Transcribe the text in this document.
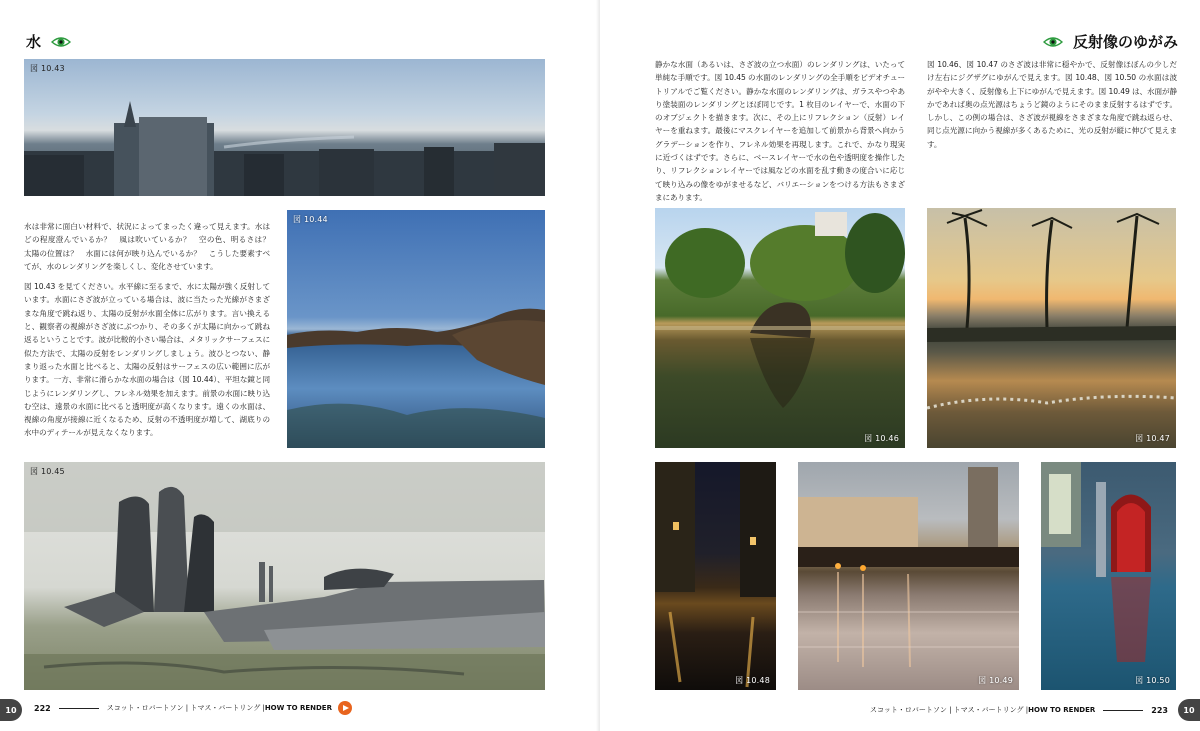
水
図 10.43

水は非常に面白い材料で、状況によってまったく違って見えます。水はどの程度澄んでいるか？　風は吹いているか？　空の色、明るさは？　太陽の位置は？　水面には何が映り込んでいるか？　こうした要素すべてが、水のレンダリングを楽しくし、変化させています。

図 10.43 を見てください。水平線に至るまで、水に太陽が強く反射しています。水面にさざ波が立っている場合は、波に当たった光線がさまざまな角度で跳ね返り、太陽の反射が水面全体に広がります。言い換えると、観察者の視線がさざ波にぶつかり、その多くが太陽に向かって跳ね返るということです。波が比較的小さい場合は、メタリックサーフェスに似た方法で、太陽の反射をレンダリングしましょう。波ひとつない、静まり返った水面と比べると、太陽の反射はサーフェスの広い範囲に広がります。一方、非常に滑らかな水面の場合は（図 10.44）、平坦な鏡と同じようにレンダリングし、フレネル効果を加えます。前景の水面に映り込む空は、遠景の水面に比べると透明度が高くなります。遠くの水面は、視線の角度が接線に近くなるため、反射の不透明度が増して、湖底りの水中のディテールが見えなくなります。

図 10.44
図 10.45
10	222	スコット・ロバートソン | トマス・バートリング | HOW TO RENDER
反射像のゆがみ
静かな水面（あるいは、さざ波の立つ水面）のレンダリングは、いたって単純な手順です。図 10.45 の水面のレンダリングの全手順をビデオチュートリアルでご覧ください。静かな水面のレンダリングは、ガラスやつやあり塗装面のレンダリングとほぼ同じです。1 枚目のレイヤーで、水面の下のオブジェクトを描きます。次に、その上にリフレクション（反射）レイヤーを重ねます。最後にマスクレイヤーを追加して前景から背景へ向かうグラデーションを作り、フレネル効果を再現します。これで、かなり現実に近づくはずです。さらに、ベースレイヤーで水の色や透明度を操作したり、リフレクションレイヤーでは風などの水面を乱す動きの度合いに応じて映り込みの像をゆがませるなど、バリエーションをつける方法もさまざまにあります。
図 10.46、図 10.47 のさざ波は非常に穏やかで、反射像ほぼんの少しだけ左右にジグザグにゆがんで見えます。図 10.48、図 10.50 の水面は波がやや大きく、反射像も上下にゆがんで見えます。図 10.49 は、水面が静かであれば奥の点光源はちょうど鏡のようにそのまま反射するはずです。しかし、この例の場合は、さざ波が視線をさまざまな角度で跳ね返らせ、同じ点光源に向かう視線が多くあるために、光の反射が縦に伸びて見えます。
図 10.46	図 10.47
図 10.48	図 10.49	図 10.50
スコット・ロバートソン | トマス・バートリング | HOW TO RENDER	223	10
